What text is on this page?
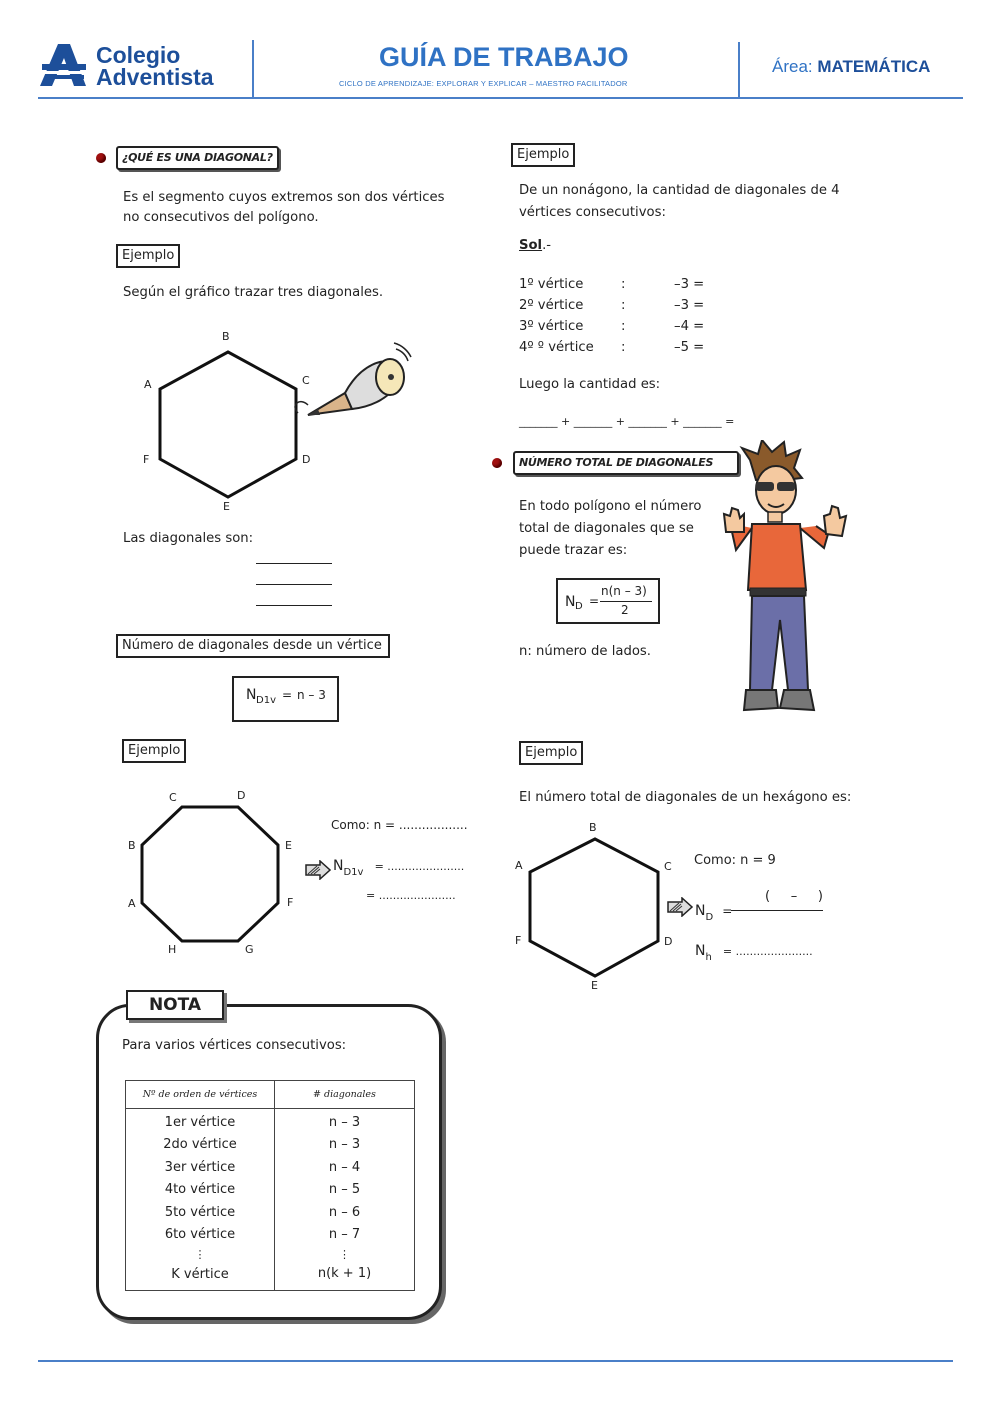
Colegio
Adventista
GUÍA DE TRABAJO
CICLO DE APRENDIZAJE: EXPLORAR Y EXPLICAR – MAESTRO FACILITADOR
Área: MATEMÁTICA
¿QUÉ ES UNA DIAGONAL?
Es el segmento cuyos extremos son dos vértices
no consecutivos del polígono.
Ejemplo
Según el gráfico trazar tres diagonales.
B
A	C
F	D
E
Las diagonales son:
Número de diagonales desde un vértice
N D1v = n – 3
Ejemplo
C	D
B	E
A	F
H	G
Como: n = ..................
$N_{D1v}$ = ......................
= ......................
NOTA
Para varios vértices consecutivos:
Nº de orden de vértices	# diagonales
1er vértice	n – 3
2do vértice	n – 3
3er vértice	n – 4
4to vértice	n – 5
5to vértice	n – 6
6to vértice	n – 7
⋮	⋮
K vértice	n(k + 1)
Ejemplo
De un nonágono, la cantidad de diagonales de 4
vértices consecutivos:
Sol.-
1º vértice	:	–3 =
2º vértice	:	–3 =
3º vértice	:	–4 =
4º º vértice :	–5 =
Luego la cantidad es:
_______ + _______ + _______ + _______ =
NÚMERO TOTAL DE DIAGONALES
En todo polígono el número
total de diagonales que se
puede trazar es:
N D =
n(n – 3)
2
n: número de lados.
Ejemplo
El número total de diagonales de un hexágono es:
B
A	C
F	D
E
Como: n = 9
(     –     )
$N_D$ =
$N_h$ = ......................
